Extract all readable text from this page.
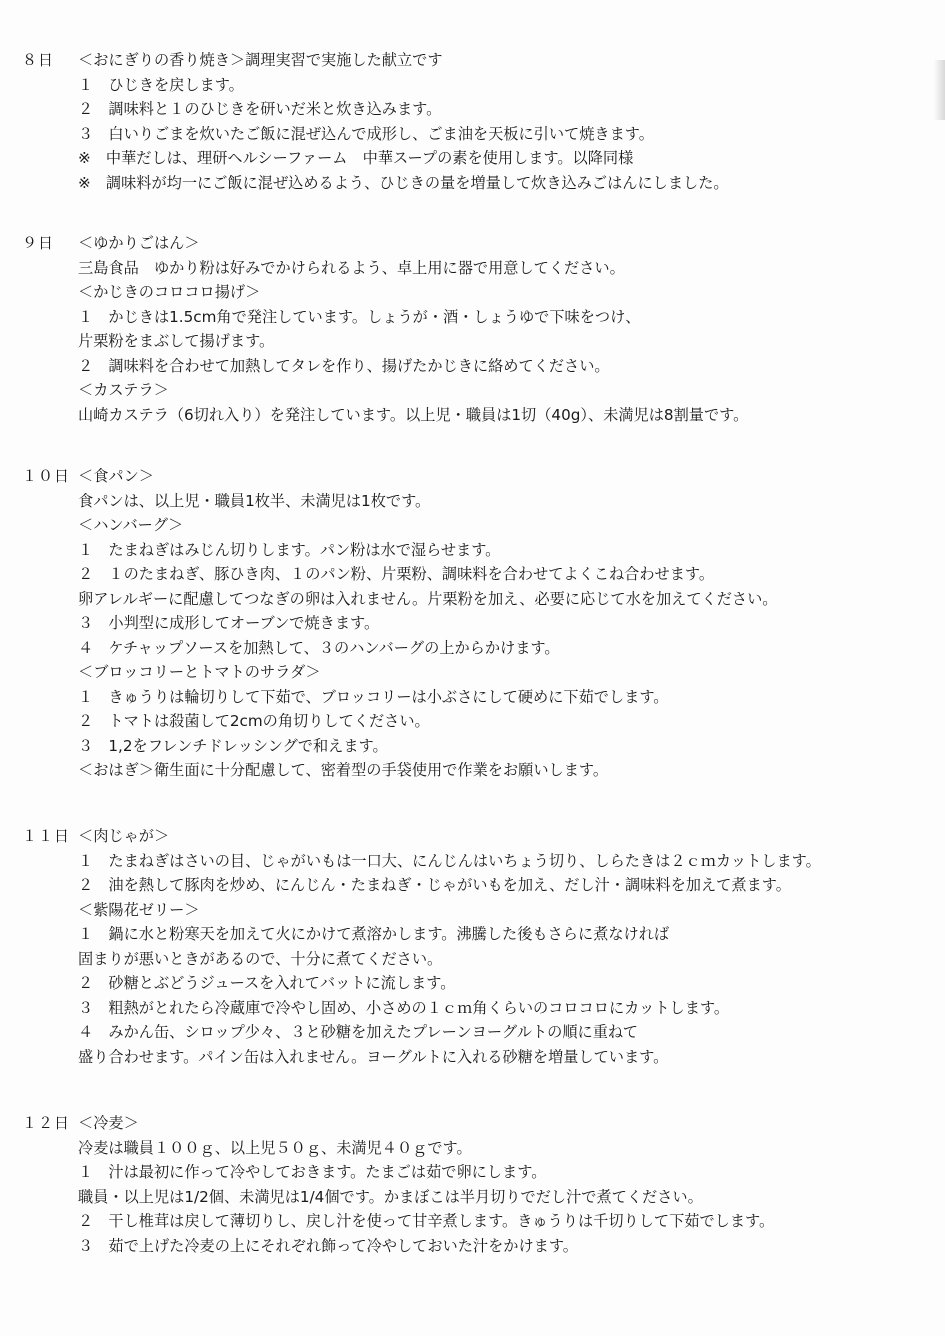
８日	＜おにぎりの香り焼き＞調理実習で実施した献立です
１　ひじきを戻します。
２　調味料と１のひじきを研いだ米と炊き込みます。
３　白いりごまを炊いたご飯に混ぜ込んで成形し、ごま油を天板に引いて焼きます。
※　中華だしは、理研ヘルシーファーム　中華スープの素を使用します。以降同様
※　調味料が均一にご飯に混ぜ込めるよう、ひじきの量を増量して炊き込みごはんにしました。
９日	＜ゆかりごはん＞
三島食品　ゆかり粉は好みでかけられるよう、卓上用に器で用意してください。
＜かじきのコロコロ揚げ＞
１　かじきは1.5cm角で発注しています。しょうが・酒・しょうゆで下味をつけ、
片栗粉をまぶして揚げます。
２　調味料を合わせて加熱してタレを作り、揚げたかじきに絡めてください。
＜カステラ＞
山崎カステラ（6切れ入り）を発注しています。以上児・職員は1切（40g）、未満児は8割量です。
１０日 ＜食パン＞
食パンは、以上児・職員1枚半、未満児は1枚です。
＜ハンバーグ＞
１　たまねぎはみじん切りします。パン粉は水で湿らせます。
２　１のたまねぎ、豚ひき肉、１のパン粉、片栗粉、調味料を合わせてよくこね合わせます。
卵アレルギーに配慮してつなぎの卵は入れません。片栗粉を加え、必要に応じて水を加えてください。
３　小判型に成形してオーブンで焼きます。
４　ケチャップソースを加熱して、３のハンバーグの上からかけます。
＜ブロッコリーとトマトのサラダ＞
１　きゅうりは輪切りして下茹で、ブロッコリーは小ぶさにして硬めに下茹でします。
２　トマトは殺菌して2cmの角切りしてください。
３　1,2をフレンチドレッシングで和えます。
＜おはぎ＞衛生面に十分配慮して、密着型の手袋使用で作業をお願いします。
１１日 ＜肉じゃが＞
１　たまねぎはさいの目、じゃがいもは一口大、にんじんはいちょう切り、しらたきは２ｃｍカットします。
２　油を熱して豚肉を炒め、にんじん・たまねぎ・じゃがいもを加え、だし汁・調味料を加えて煮ます。
＜紫陽花ゼリー＞
１　鍋に水と粉寒天を加えて火にかけて煮溶かします。沸騰した後もさらに煮なければ
固まりが悪いときがあるので、十分に煮てください。
２　砂糖とぶどうジュースを入れてバットに流します。
３　粗熱がとれたら冷蔵庫で冷やし固め、小さめの１ｃｍ角くらいのコロコロにカットします。
４　みかん缶、シロップ少々、３と砂糖を加えたプレーンヨーグルトの順に重ねて
盛り合わせます。パイン缶は入れません。ヨーグルトに入れる砂糖を増量しています。
１２日 ＜冷麦＞
冷麦は職員１００ｇ、以上児５０ｇ、未満児４０ｇです。
１　汁は最初に作って冷やしておきます。たまごは茹で卵にします。
職員・以上児は1/2個、未満児は1/4個です。かまぼこは半月切りでだし汁で煮てください。
２　干し椎茸は戻して薄切りし、戻し汁を使って甘辛煮します。きゅうりは千切りして下茹でします。
３　茹で上げた冷麦の上にそれぞれ飾って冷やしておいた汁をかけます。
